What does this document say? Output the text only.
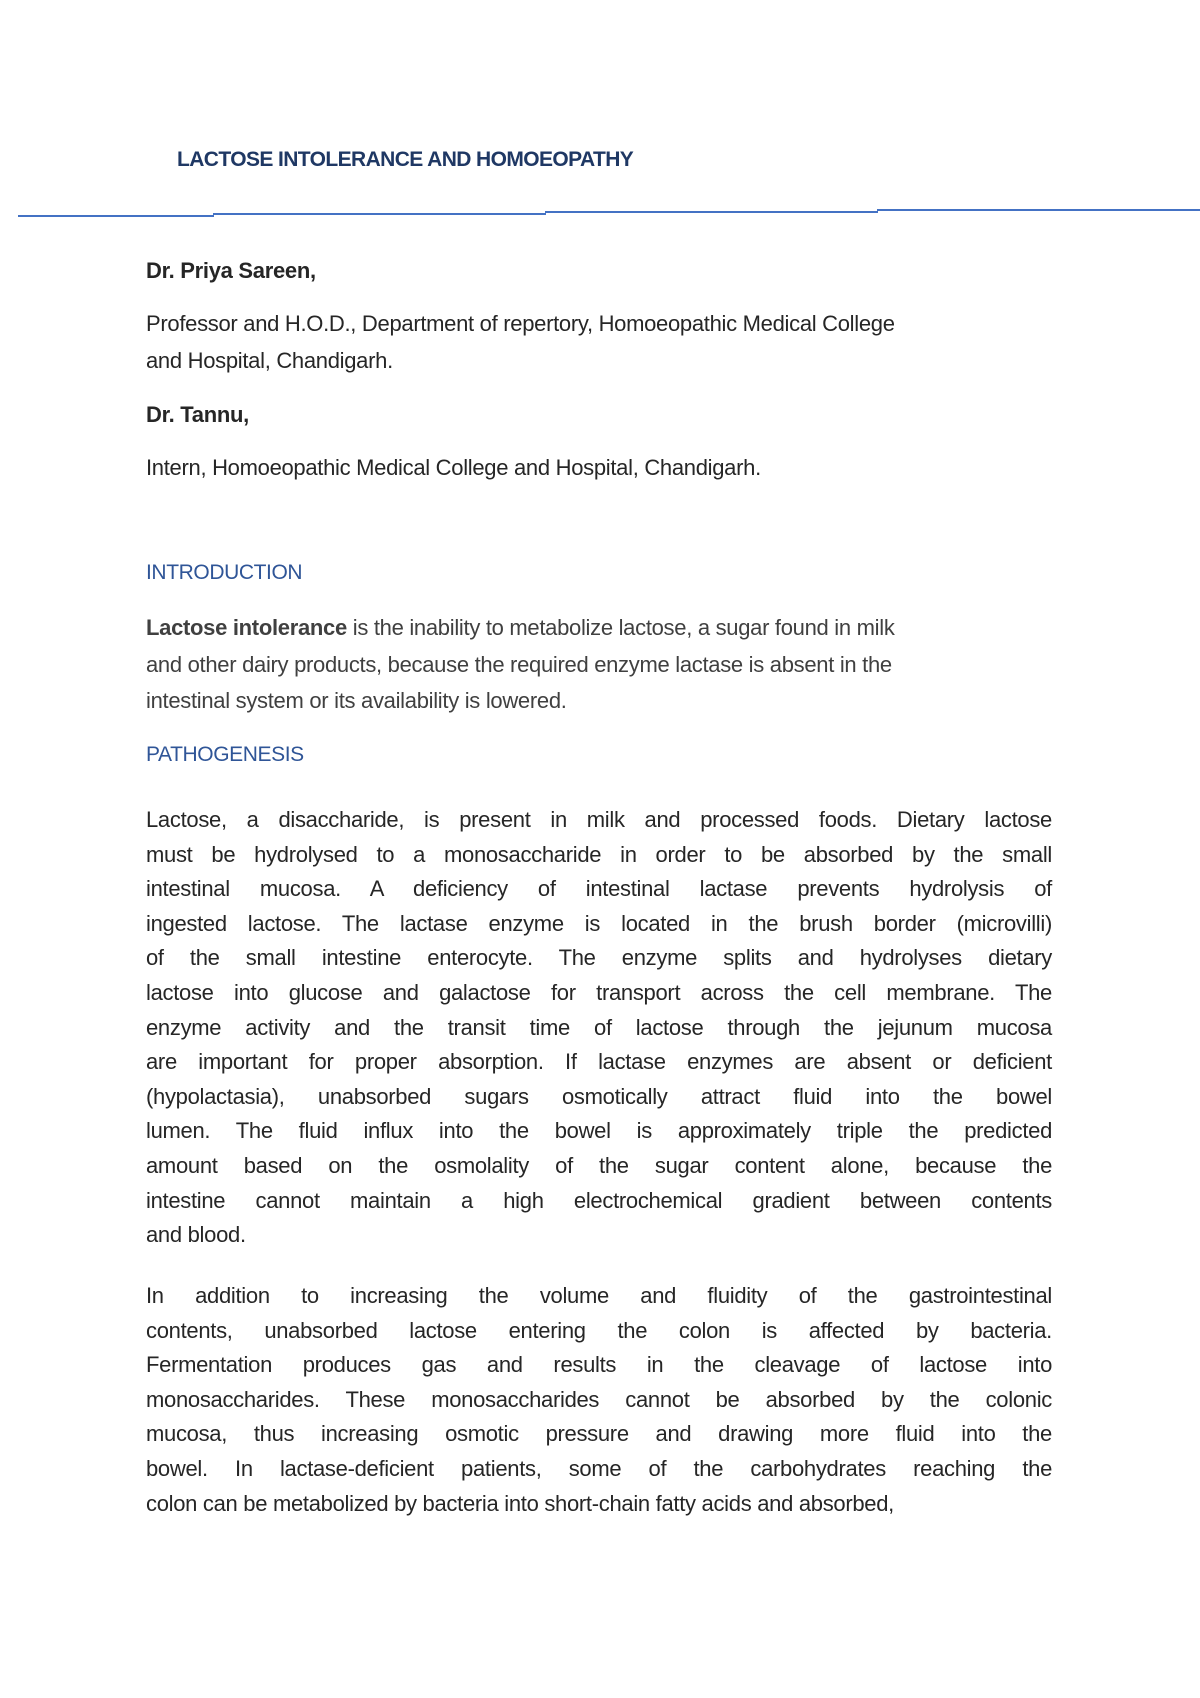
LACTOSE INTOLERANCE AND HOMOEOPATHY
Dr. Priya Sareen,
Professor and H.O.D., Department of repertory, Homoeopathic Medical College
and Hospital, Chandigarh.
Dr. Tannu,
Intern, Homoeopathic Medical College and Hospital, Chandigarh.
INTRODUCTION
Lactose intolerance is the inability to metabolize lactose, a sugar found in milk
and other dairy products, because the required enzyme lactase is absent in the
intestinal system or its availability is lowered.
PATHOGENESIS
Lactose, a disaccharide, is present in milk and processed foods. Dietary lactose
must be hydrolysed to a monosaccharide in order to be absorbed by the small
intestinal mucosa. A deficiency of intestinal lactase prevents hydrolysis of
ingested lactose. The lactase enzyme is located in the brush border (microvilli)
of the small intestine enterocyte. The enzyme splits and hydrolyses dietary
lactose into glucose and galactose for transport across the cell membrane. The
enzyme activity and the transit time of lactose through the jejunum mucosa
are important for proper absorption. If lactase enzymes are absent or deficient
(hypolactasia), unabsorbed sugars osmotically attract fluid into the bowel
lumen. The fluid influx into the bowel is approximately triple the predicted
amount based on the osmolality of the sugar content alone, because the
intestine cannot maintain a high electrochemical gradient between contents
and blood.
In addition to increasing the volume and fluidity of the gastrointestinal
contents, unabsorbed lactose entering the colon is affected by bacteria.
Fermentation produces gas and results in the cleavage of lactose into
monosaccharides. These monosaccharides cannot be absorbed by the colonic
mucosa, thus increasing osmotic pressure and drawing more fluid into the
bowel. In lactase-deficient patients, some of the carbohydrates reaching the
colon can be metabolized by bacteria into short-chain fatty acids and absorbed,
